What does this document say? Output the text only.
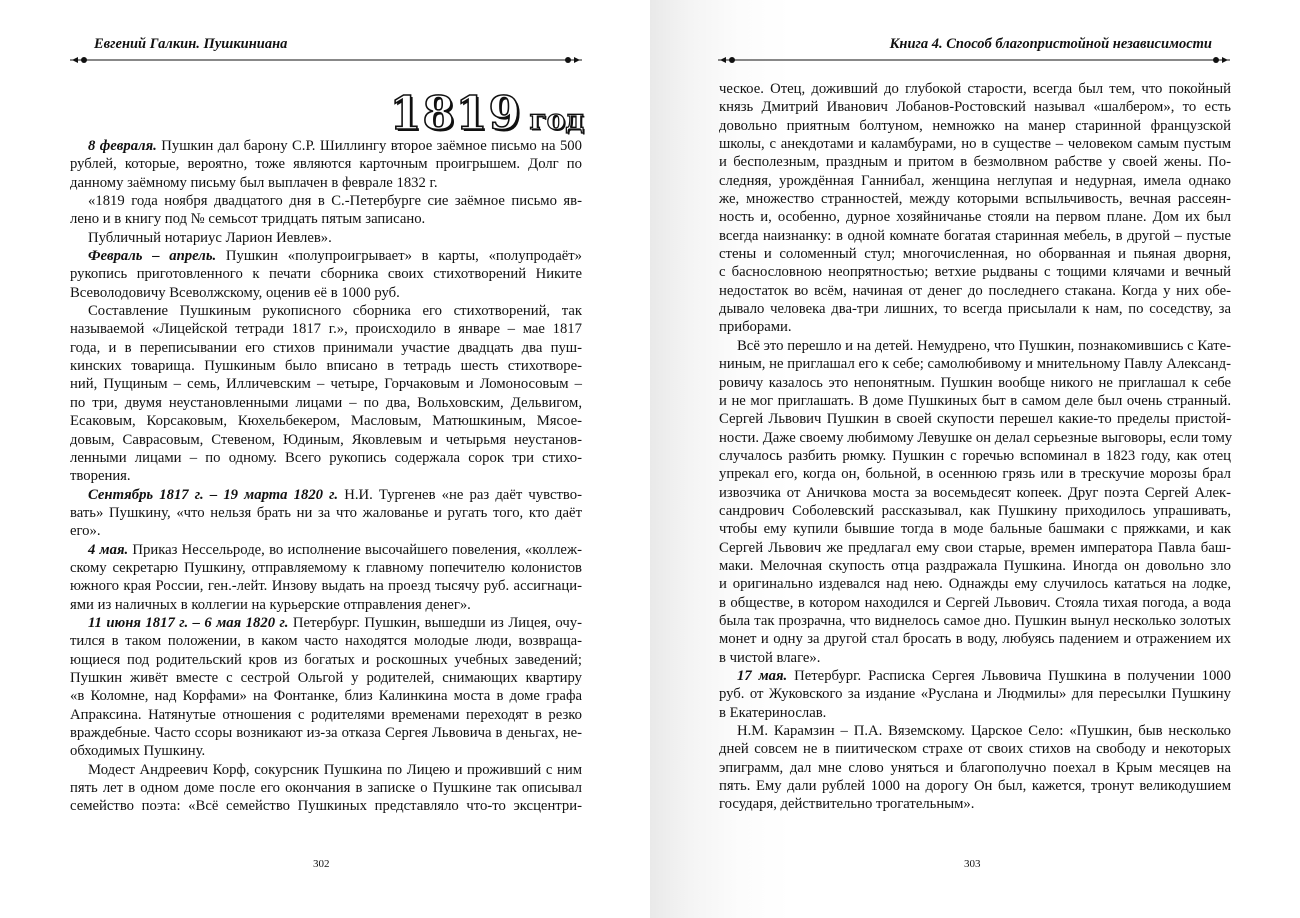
Евгений Галкин. Пушкиниана
1819 год
8 февраля. Пушкин дал барону С.Р. Шиллингу второе заёмное письмо на 500
рублей, которые, вероятно, тоже являются карточным проигрышем. Долг по
данному заёмному письму был выплачен в феврале 1832 г.
«1819 года ноября двадцатого дня в С.-Петербурге сие заёмное письмо яв-
лено и в книгу под № семьсот тридцать пятым записано.
Публичный нотариус Ларион Иевлев».
Февраль – апрель. Пушкин «полупроигрывает» в карты, «полупродаёт»
рукопись приготовленного к печати сборника своих стихотворений Никите
Всеволодовичу Всеволжскому, оценив её в 1000 руб.
Составление Пушкиным рукописного сборника его стихотворений, так
называемой «Лицейской тетради 1817 г.», происходило в январе – мае 1817
года, и в переписывании его стихов принимали участие двадцать два пуш-
кинских товарища. Пушкиным было вписано в тетрадь шесть стихотворе-
ний, Пущиным – семь, Илличевским – четыре, Горчаковым и Ломоносовым –
по три, двумя неустановленными лицами – по два, Вольховским, Дельвигом,
Есаковым, Корсаковым, Кюхельбекером, Масловым, Матюшкиным, Мясое-
довым, Саврасовым, Стевеном, Юдиным, Яковлевым и четырьмя неустанов-
ленными лицами – по одному. Всего рукопись содержала сорок три стихо-
творения.
Сентябрь 1817 г. – 19 марта 1820 г. Н.И. Тургенев «не раз даёт чувство-
вать» Пушкину, «что нельзя брать ни за что жалованье и ругать того, кто даёт
его».
4 мая. Приказ Нессельроде, во исполнение высочайшего повеления, «коллеж-
скому секретарю Пушкину, отправляемому к главному попечителю колонистов
южного края России, ген.-лейт. Инзову выдать на проезд тысячу руб. ассигнаци-
ями из наличных в коллегии на курьерские отправления денег».
11 июня 1817 г. – 6 мая 1820 г. Петербург. Пушкин, вышедши из Лицея, очу-
тился в таком положении, в каком часто находятся молодые люди, возвраща-
ющиеся под родительский кров из богатых и роскошных учебных заведений;
Пушкин живёт вместе с сестрой Ольгой у родителей, снимающих квартиру
«в Коломне, над Корфами» на Фонтанке, близ Калинкина моста в доме графа
Апраксина. Натянутые отношения с родителями временами переходят в резко
враждебные. Часто ссоры возникают из-за отказа Сергея Львовича в деньгах, не-
обходимых Пушкину.
Модест Андреевич Корф, сокурсник Пушкина по Лицею и проживший с ним
пять лет в одном доме после его окончания в записке о Пушкине так описывал
семейство поэта: «Всё семейство Пушкиных представляло что-то эксцентри-
302
Книга 4. Способ благопристойной независимости
ческое. Отец, доживший до глубокой старости, всегда был тем, что покойный
князь Дмитрий Иванович Лобанов-Ростовский называл «шалбером», то есть
довольно приятным болтуном, немножко на манер старинной французской
школы, с анекдотами и каламбурами, но в существе – человеком самым пустым
и бесполезным, праздным и притом в безмолвном рабстве у своей жены. По-
следняя, урождённая Ганнибал, женщина неглупая и недурная, имела однако
же, множество странностей, между которыми вспыльчивость, вечная рассеян-
ность и, особенно, дурное хозяйничанье стояли на первом плане. Дом их был
всегда наизнанку: в одной комнате богатая старинная мебель, в другой – пустые
стены и соломенный стул; многочисленная, но оборванная и пьяная дворня,
с баснословною неопрятностью; ветхие рыдваны с тощими клячами и вечный
недостаток во всём, начиная от денег до последнего стакана. Когда у них обе-
дывало человека два-три лишних, то всегда присылали к нам, по соседству, за
приборами.
Всё это перешло и на детей. Немудрено, что Пушкин, познакомившись с Кате-
ниным, не приглашал его к себе; самолюбивому и мнительному Павлу Александ-
ровичу казалось это непонятным. Пушкин вообще никого не приглашал к себе
и не мог приглашать. В доме Пушкиных быт в самом деле был очень странный.
Сергей Львович Пушкин в своей скупости перешел какие-то пределы пристой-
ности. Даже своему любимому Левушке он делал серьезные выговоры, если тому
случалось разбить рюмку. Пушкин с горечью вспоминал в 1823 году, как отец
упрекал его, когда он, больной, в осеннюю грязь или в трескучие морозы брал
извозчика от Аничкова моста за восемьдесят копеек. Друг поэта Сергей Алек-
сандрович Соболевский рассказывал, как Пушкину приходилось упрашивать,
чтобы ему купили бывшие тогда в моде бальные башмаки с пряжками, и как
Сергей Львович же предлагал ему свои старые, времен императора Павла баш-
маки. Мелочная скупость отца раздражала Пушкина. Иногда он довольно зло
и оригинально издевался над нею. Однажды ему случилось кататься на лодке,
в обществе, в котором находился и Сергей Львович. Стояла тихая погода, а вода
была так прозрачна, что виднелось самое дно. Пушкин вынул несколько золотых
монет и одну за другой стал бросать в воду, любуясь падением и отражением их
в чистой влаге».
17 мая. Петербург. Расписка Сергея Львовича Пушкина в получении 1000
руб. от Жуковского за издание «Руслана и Людмилы» для пересылки Пушкину
в Екатеринослав.
Н.М. Карамзин – П.А. Вяземскому. Царское Село: «Пушкин, быв несколько
дней совсем не в пиитическом страхе от своих стихов на свободу и некоторых
эпиграмм, дал мне слово уняться и благополучно поехал в Крым месяцев на
пять. Ему дали рублей 1000 на дорогу Он был, кажется, тронут великодушием
государя, действительно трогательным».
303
